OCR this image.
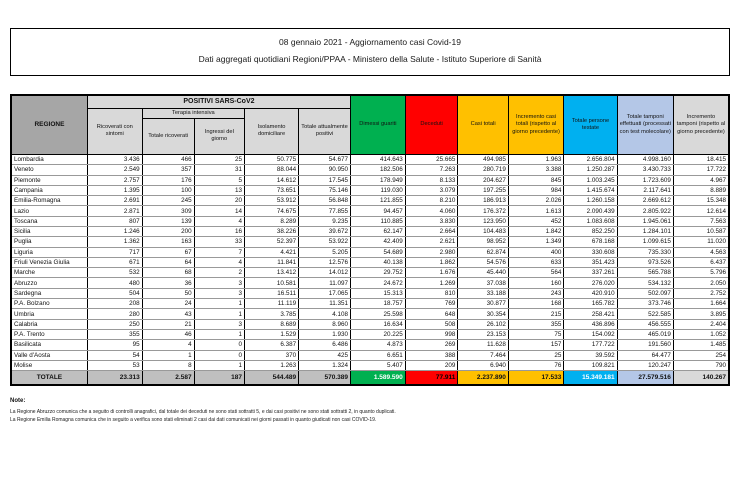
08 gennaio 2021 - Aggiornamento casi Covid-19
Dati aggregati quotidiani Regioni/PPAA - Ministero della Salute - Istituto Superiore di Sanità
REGIONE	POSITIVI SARS-CoV2					Dimessi guariti	Deceduti	Casi totali	Incremento casi totali (rispetto al giorno precedente)	Totale persone testate	Totale tamponi effettuati (processati con test molecolare)	Incremento tamponi (rispetto al giorno precedente)
	Ricoverati con sintomi	Terapia intensiva		Isolamento domiciliare	Totale attualmente positivi							
		Totale ricoverati	Ingressi del giorno									
Lombardia	3.436	466	25	50.775	54.677	414.643	25.665	494.985	1.963	2.656.804	4.998.160	18.415
Veneto	2.549	357	31	88.044	90.950	182.506	7.263	280.719	3.388	1.250.287	3.430.733	17.722
Piemonte	2.757	176	5	14.612	17.545	178.949	8.133	204.627	845	1.003.245	1.723.609	4.967
Campania	1.395	100	13	73.651	75.146	119.030	3.079	197.255	984	1.415.674	2.117.641	8.889
Emilia-Romagna	2.691	245	20	53.912	56.848	121.855	8.210	186.913	2.026	1.260.158	2.669.612	15.348
Lazio	2.871	309	14	74.675	77.855	94.457	4.060	176.372	1.613	2.090.439	2.805.922	12.614
Toscana	807	139	4	8.289	9.235	110.885	3.830	123.950	452	1.083.608	1.945.061	7.563
Sicilia	1.246	200	16	38.226	39.672	62.147	2.664	104.483	1.842	852.250	1.284.101	10.587
Puglia	1.362	163	33	52.397	53.922	42.409	2.621	98.952	1.349	678.168	1.099.615	11.020
Liguria	717	67	7	4.421	5.205	54.689	2.980	62.874	400	330.608	735.330	4.563
Friuli Venezia Giulia	671	64	4	11.841	12.576	40.138	1.862	54.576	633	351.423	973.526	6.437
Marche	532	68	2	13.412	14.012	29.752	1.676	45.440	564	337.261	565.788	5.796
Abruzzo	480	36	3	10.581	11.097	24.672	1.269	37.038	160	276.020	534.132	2.050
Sardegna	504	50	3	16.511	17.065	15.313	810	33.188	243	420.910	502.097	2.752
P.A. Bolzano	208	24	1	11.119	11.351	18.757	769	30.877	168	165.782	373.746	1.664
Umbria	280	43	1	3.785	4.108	25.598	648	30.354	215	258.421	522.585	3.895
Calabria	250	21	3	8.689	8.960	16.634	508	26.102	355	436.896	456.555	2.404
P.A. Trento	355	46	1	1.529	1.930	20.225	998	23.153	75	154.092	465.019	1.052
Basilicata	95	4	0	6.387	6.486	4.873	269	11.628	157	177.722	191.560	1.485
Valle d'Aosta	54	1	0	370	425	6.651	388	7.464	25	39.592	64.477	254
Molise	53	8	1	1.263	1.324	5.407	209	6.940	76	109.821	120.247	790
TOTALE	23.313	2.587	187	544.489	570.389	1.589.590	77.911	2.237.890	17.533	15.349.181	27.579.516	140.267
Note:
La Regione Abruzzo comunica che a seguito di controlli anagrafici, dal totale dei deceduti ne sono stati sottratti 5, e dai casi positivi ne sono stati sottratti 2, in quanto duplicati.
La Regione Emilia Romagna comunica che in seguito a verifica sono stati eliminati 2 casi dai dati comunicati nei giorni passati in quanto giudicati non casi COVID-19.
